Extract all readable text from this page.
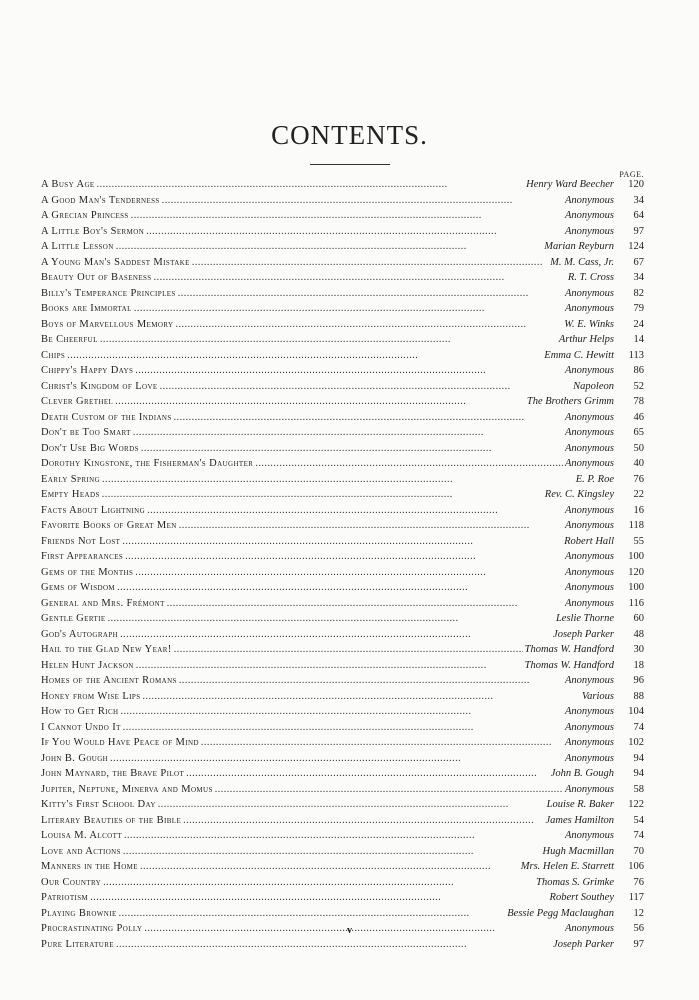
CONTENTS.
PAGE.
A Busy Age . . .	Henry Ward Beecher	120
A Good Man's Tenderness . . .	Anonymous	34
A Grecian Princess . . .	Anonymous	64
A Little Boy's Sermon . . .	Anonymous	97
A Little Lesson . . .	Marian Reyburn	124
A Young Man's Saddest Mistake . . .	M. M. Cass, Jr.	67
Beauty Out of Baseness . . .	R. T. Cross	34
Billy's Temperance Principles . . .	Anonymous	82
Books are Immortal . . .	Anonymous	79
Boys of Marvellous Memory . . .	W. E. Winks	24
Be Cheerful . . .	Arthur Helps	14
Chips . . .	Emma C. Hewitt	113
Chippy's Happy Days . . .	Anonymous	86
Christ's Kingdom of Love . . .	Napoleon	52
Clever Grethel . . .	The Brothers Grimm	78
Death Custom of the Indians . . .	Anonymous	46
Don't be Too Smart . . .	Anonymous	65
Don't Use Big Words . . .	Anonymous	50
Dorothy Kingstone, the Fisherman's Daughter . . .	Anonymous	40
Early Spring . . .	E. P. Roe	76
Empty Heads . . .	Rev. C. Kingsley	22
Facts About Lightning . . .	Anonymous	16
Favorite Books of Great Men . . .	Anonymous	118
Friends Not Lost . . .	Robert Hall	55
First Appearances . . .	Anonymous	100
Gems of the Months . . .	Anonymous	120
Gems of Wisdom . . .	Anonymous	100
General and Mrs. Frémont . . .	Anonymous	116
Gentle Gertie . . .	Leslie Thorne	60
God's Autograph . . .	Joseph Parker	48
Hail to the Glad New Year! . . .	Thomas W. Handford	30
Helen Hunt Jackson . . .	Thomas W. Handford	18
Homes of the Ancient Romans . . .	Anonymous	96
Honey from Wise Lips . . .	Various	88
How to Get Rich . . .	Anonymous	104
I Cannot Undo It . . .	Anonymous	74
If You Would Have Peace of Mind . . .	Anonymous	102
John B. Gough . . .	Anonymous	94
John Maynard, the Brave Pilot . . .	John B. Gough	94
Jupiter, Neptune, Minerva and Momus . . .	Anonymous	58
Kitty's First School Day . . .	Louise R. Baker	122
Literary Beauties of the Bible . . .	James Hamilton	54
Louisa M. Alcott . . .	Anonymous	74
Love and Actions . . .	Hugh Macmillan	70
Manners in the Home . . .	Mrs. Helen E. Starrett	106
Our Country . . .	Thomas S. Grimke	76
Patriotism . . .	Robert Southey	117
Playing Brownie . . .	Bessie Pegg Maclaughan	12
Procrastinating Polly . . .	Anonymous	56
Pure Literature . . .	Joseph Parker	97
v
